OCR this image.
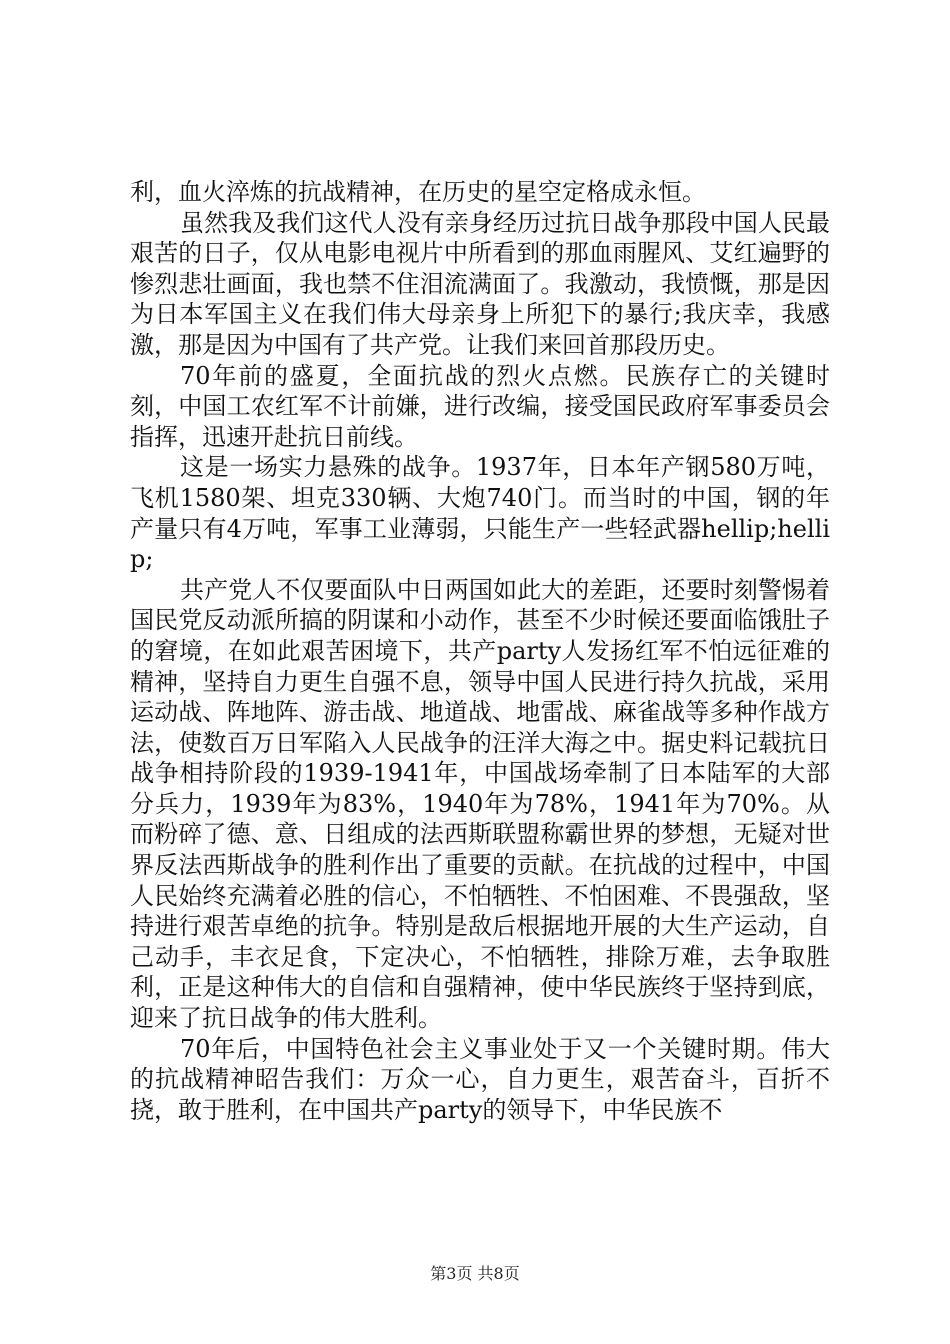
利，血火淬炼的抗战精神，在历史的星空定格成永恒。

虽然我及我们这代人没有亲身经历过抗日战争那段中国人民最艰苦的日子，仅从电影电视片中所看到的那血雨腥风、艾红遍野的惨烈悲壮画面，我也禁不住泪流满面了。我激动，我愤慨，那是因为日本军国主义在我们伟大母亲身上所犯下的暴行;我庆幸，我感激，那是因为中国有了共产党。让我们来回首那段历史。

70年前的盛夏，全面抗战的烈火点燃。民族存亡的关键时刻，中国工农红军不计前嫌，进行改编，接受国民政府军事委员会指挥，迅速开赴抗日前线。

这是一场实力悬殊的战争。1937年，日本年产钢580万吨，飞机1580架、坦克330辆、大炮740门。而当时的中国，钢的年产量只有4万吨，军事工业薄弱，只能生产一些轻武器hellip;hellip;

共产党人不仅要面队中日两国如此大的差距，还要时刻警惕着国民党反动派所搞的阴谋和小动作，甚至不少时候还要面临饿肚子的窘境，在如此艰苦困境下，共产party人发扬红军不怕远征难的精神，坚持自力更生自强不息，领导中国人民进行持久抗战，采用运动战、阵地阵、游击战、地道战、地雷战、麻雀战等多种作战方法，使数百万日军陷入人民战争的汪洋大海之中。据史料记载抗日战争相持阶段的1939-1941年，中国战场牵制了日本陆军的大部分兵力，1939年为83%，1940年为78%，1941年为70%。从而粉碎了德、意、日组成的法西斯联盟称霸世界的梦想，无疑对世界反法西斯战争的胜利作出了重要的贡献。在抗战的过程中，中国人民始终充满着必胜的信心，不怕牺牲、不怕困难、不畏强敌，坚持进行艰苦卓绝的抗争。特别是敌后根据地开展的大生产运动，自己动手，丰衣足食，下定决心，不怕牺牲，排除万难，去争取胜利，正是这种伟大的自信和自强精神，使中华民族终于坚持到底，迎来了抗日战争的伟大胜利。

70年后，中国特色社会主义事业处于又一个关键时期。伟大的抗战精神昭告我们：万众一心，自力更生，艰苦奋斗，百折不挠，敢于胜利，在中国共产party的领导下，中华民族不

第3页 共8页
